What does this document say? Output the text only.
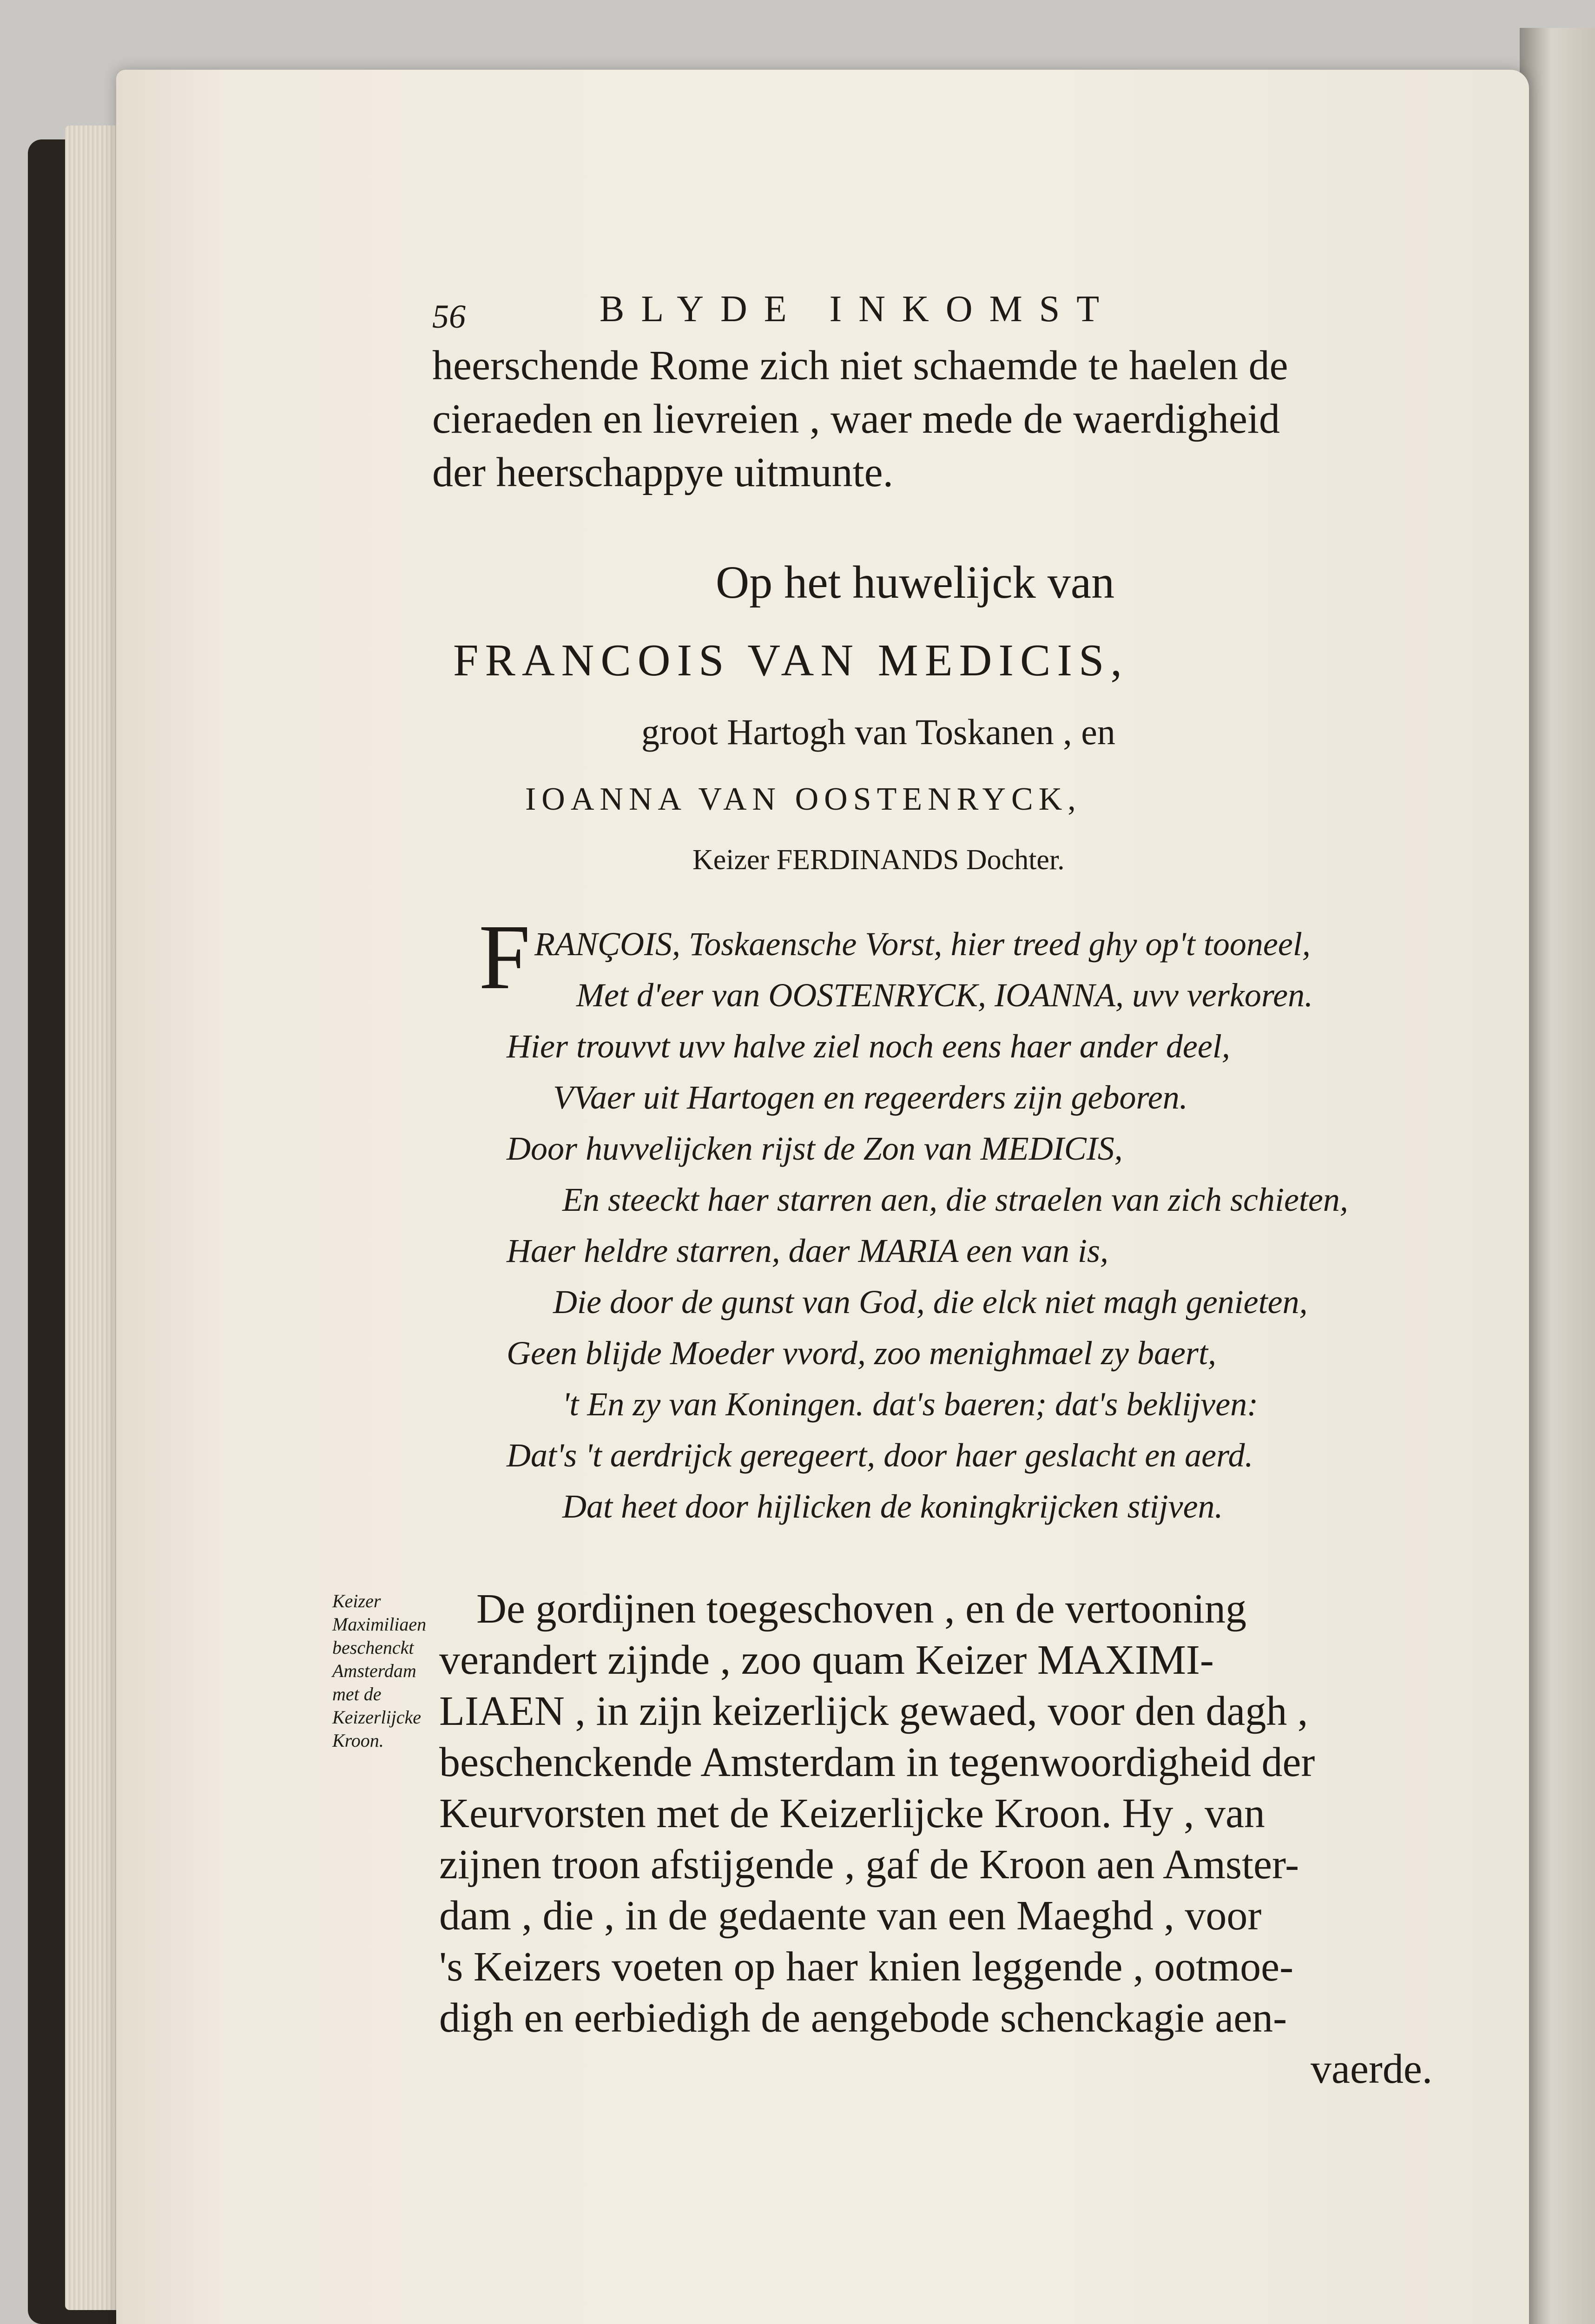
56	BLYDE INKOMST
heerschende Rome zich niet schaemde te haelen de
cieraeden en lievreien , waer mede de waerdigheid
der heerschappye uitmunte.
Op het huwelijck van
FRANCOIS VAN MEDICIS,
groot Hartogh van Toskanen , en
IOANNA VAN OOSTENRYCK,
Keizer FERDINANDS Dochter.
F RANÇOIS, Toskaensche Vorst, hier treed ghy op't tooneel,
Met d'eer van OOSTENRYCK, IOANNA, uvv verkoren.
Hier trouvvt uvv halve ziel noch eens haer ander deel,
VVaer uit Hartogen en regeerders zijn geboren.
Door huvvelijcken rijst de Zon van MEDICIS,
En steeckt haer starren aen, die straelen van zich schieten,
Haer heldre starren, daer MARIA een van is,
Die door de gunst van God, die elck niet magh genieten,
Geen blijde Moeder vvord, zoo menighmael zy baert,
't En zy van Koningen. dat's baeren; dat's beklijven:
Dat's 't aerdrijck geregeert, door haer geslacht en aerd.
Dat heet door hijlicken de koningkrijcken stijven.
Keizer Maximiliaen beschenckt Amsterdam met de Keizerlijcke Kroon.
De gordijnen toegeschoven , en de vertooning
verandert zijnde , zoo quam Keizer MAXIMI-
LIAEN , in zijn keizerlijck gewaed, voor den dagh ,
beschenckende Amsterdam in tegenwoordigheid der
Keurvorsten met de Keizerlijcke Kroon. Hy , van
zijnen troon afstijgende , gaf de Kroon aen Amster-
dam , die , in de gedaente van een Maeghd , voor
's Keizers voeten op haer knien leggende , ootmoe-
digh en eerbiedigh de aengebode schenckagie aen-
vaerde.
